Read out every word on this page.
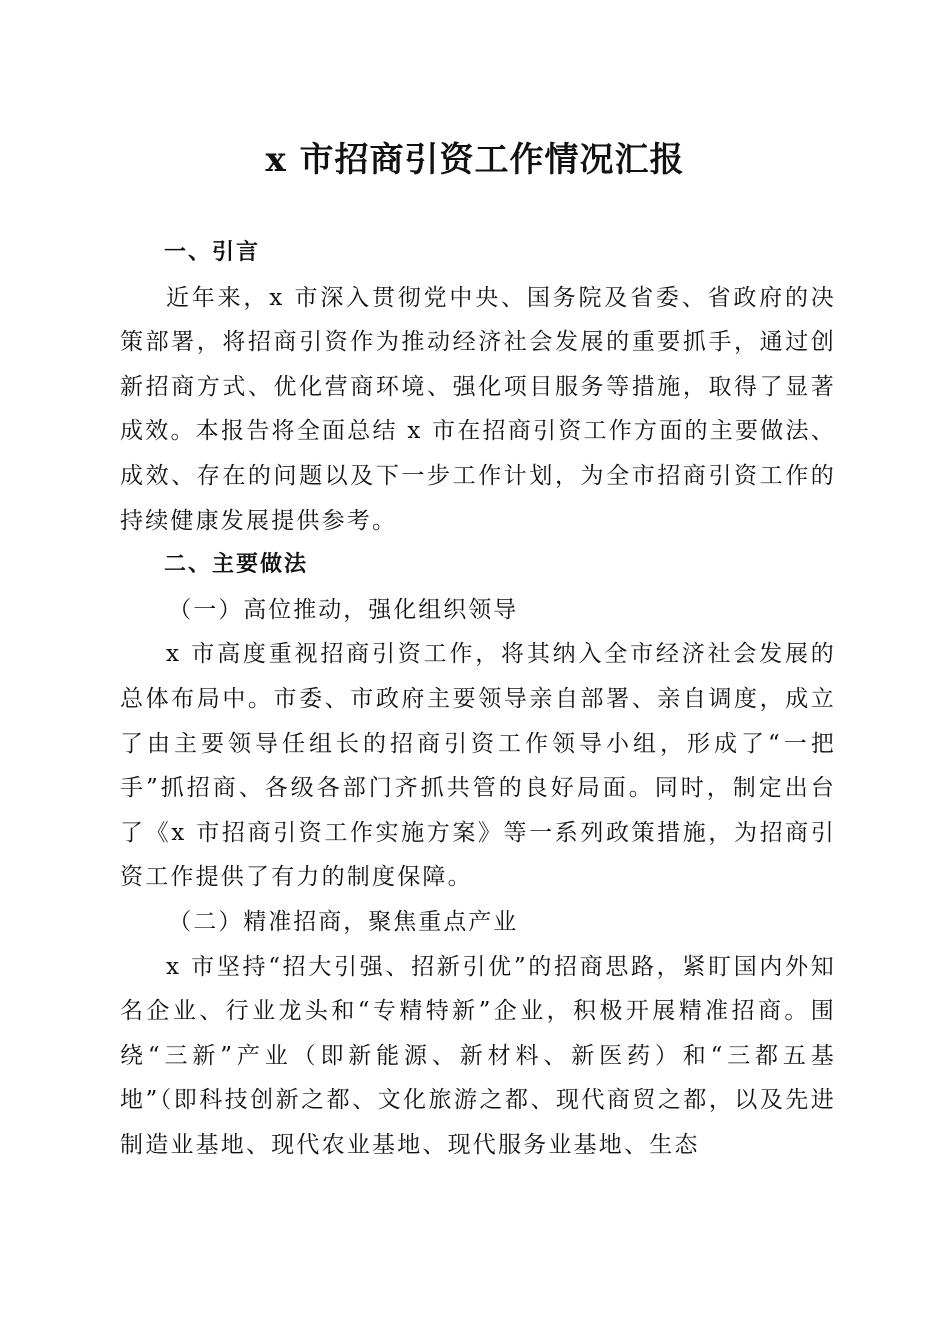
x 市招商引资工作情况汇报
一、引言

近年来，x 市深入贯彻党中央、国务院及省委、省政府的决策部署，将招商引资作为推动经济社会发展的重要抓手，通过创新招商方式、优化营商环境、强化项目服务等措施，取得了显著成效。本报告将全面总结 x 市在招商引资工作方面的主要做法、成效、存在的问题以及下一步工作计划，为全市招商引资工作的持续健康发展提供参考。

二、主要做法
（一）高位推动，强化组织领导

x 市高度重视招商引资工作，将其纳入全市经济社会发展的总体布局中。市委、市政府主要领导亲自部署、亲自调度，成立了由主要领导任组长的招商引资工作领导小组，形成了“一把手”抓招商、各级各部门齐抓共管的良好局面。同时，制定出台了《x 市招商引资工作实施方案》等一系列政策措施，为招商引资工作提供了有力的制度保障。

（二）精准招商，聚焦重点产业

x 市坚持“招大引强、招新引优”的招商思路，紧盯国内外知名企业、行业龙头和“专精特新”企业，积极开展精准招商。围绕“三新”产业（即新能源、新材料、新医药）和“三都五基地”（即科技创新之都、文化旅游之都、现代商贸之都，以及先进制造业基地、现代农业基地、现代服务业基地、生态
